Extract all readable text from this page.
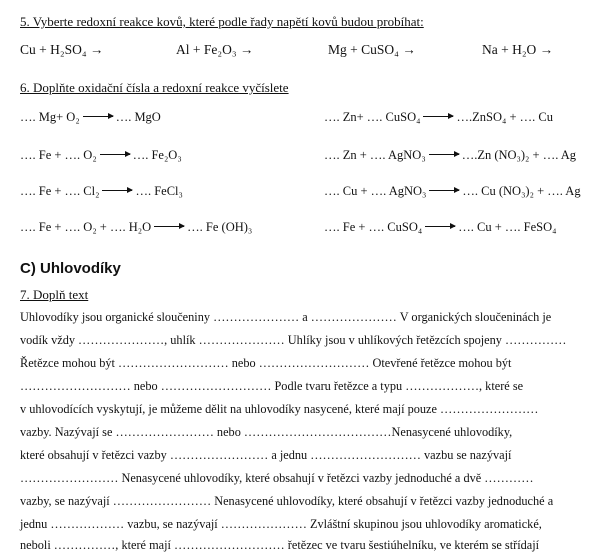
5. Vyberte redoxní reakce kovů, které podle řady napětí kovů budou probíhat:
Cu + H₂SO₄ →	Al + Fe₂O₃ →	Mg + CuSO₄ →	Na + H₂O →
6. Doplňte oxidační čísla a redoxní reakce vyčíslete
…. Mg+ O₂	…. MgO
…. Fe + …. O₂	…. Fe₂O₃
…. Fe + …. Cl₂	…. FeCl₃
…. Fe + …. O₂ + …. H₂O	…. Fe (OH)₃
…. Zn+ …. CuSO₄	….ZnSO₄ + …. Cu
…. Zn + …. AgNO₃	….Zn (NO₃)₂ + …. Ag
…. Cu + …. AgNO₃	…. Cu (NO₃)₂ + …. Ag
…. Fe + …. CuSO₄	…. Cu + …. FeSO₄
C) Uhlovodíky
7. Doplň text
Uhlovodíky jsou organické sloučeniny ………………… a ………………… V organických sloučeninách je
vodík vždy …………………, uhlík ………………… Uhlíky jsou v uhlíkových řetězcích spojeny ……………
Řetězce mohou být ……………………… nebo ……………………… Otevřené řetězce mohou být
……………………… nebo ……………………… Podle tvaru řetězce a typu ………………, které se
v uhlovodících vyskytují, je můžeme dělit na uhlovodíky nasycené, které mají pouze ……………………
vazby. Nazývají se …………………… nebo ………………………………Nenasycené uhlovodíky,
které obsahují v řetězci vazby …………………… a jednu ……………………… vazbu se nazývají
…………………… Nenasycené uhlovodíky, které obsahují v řetězci vazby jednoduché a dvě …………
vazby, se nazývají …………………… Nenasycené uhlovodíky, které obsahují v řetězci vazby jednoduché a
jednu ……………… vazbu, se nazývají ………………… Zvláštní skupinou jsou uhlovodíky aromatické,
neboli ……………, které mají ……………………… řetězec ve tvaru šestiúhelníku, ve kterém se střídají
